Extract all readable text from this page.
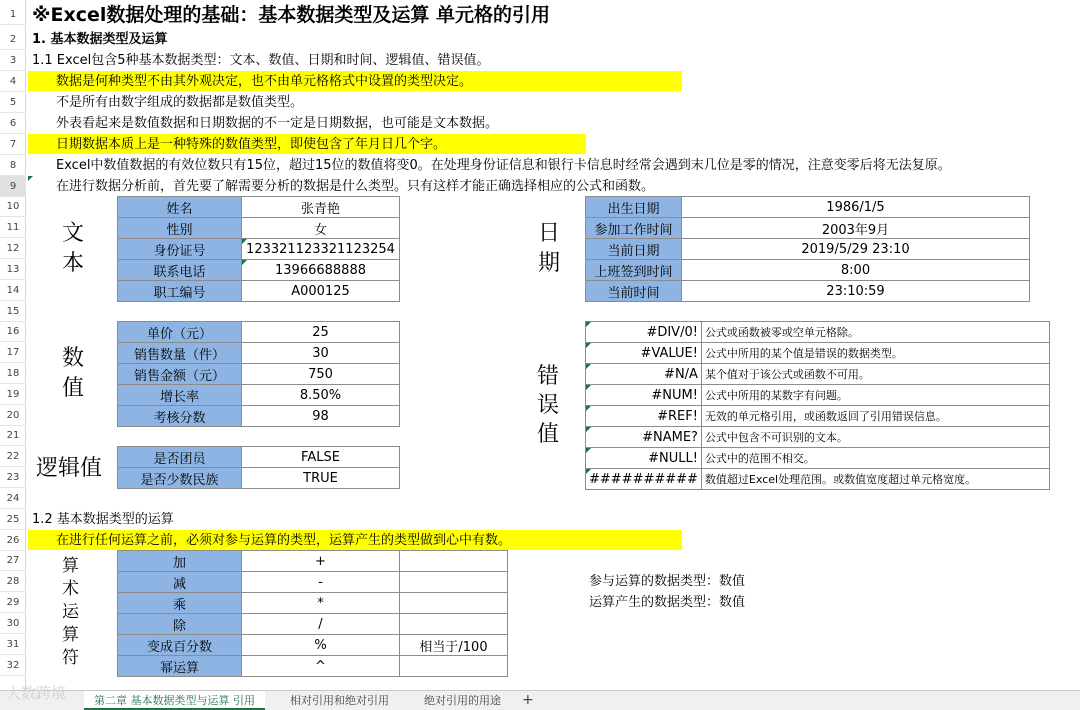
1
2
3
4
5
6
7
8
9
10
11
12
13
14
15
16
17
18
19
20
21
22
23
24
25
26
27
28
29
30
31
32
※Excel数据处理的基础：基本数据类型及运算 单元格的引用
1. 基本数据类型及运算
1.1 Excel包含5种基本数据类型：文本、数值、日期和时间、逻辑值、错误值。
数据是何种类型不由其外观决定，也不由单元格格式中设置的类型决定。
不是所有由数字组成的数据都是数值类型。
外表看起来是数值数据和日期数据的不一定是日期数据，也可能是文本数据。
日期数据本质上是一种特殊的数值类型，即使包含了年月日几个字。
Excel中数值数据的有效位数只有15位，超过15位的数值将变0。在处理身份证信息和银行卡信息时经常会遇到末几位是零的情况，注意变零后将无法复原。
在进行数据分析前，首先要了解需要分析的数据是什么类型。只有这样才能正确选择相应的公式和函数。
文
本
数
值
逻辑值
日
期
错
误
值
算
术
运
算
符
姓名	张青艳
性别	女
身份证号	123321123321123254
联系电话	13966688888
职工编号	A000125
单价（元）	25
销售数量（件）	30
销售金额（元）	750
增长率	8.50%
考核分数	98
是否团员	FALSE
是否少数民族	TRUE
出生日期	1986/1/5
参加工作时间	2003年9月
当前日期	2019/5/29 23:10
上班签到时间	8:00
当前时间	23:10:59
#DIV/0!	公式或函数被零或空单元格除。
#VALUE!	公式中所用的某个值是错误的数据类型。
#N/A	某个值对于该公式或函数不可用。
#NUM!	公式中所用的某数字有问题。
#REF!	无效的单元格引用，或函数返回了引用错误信息。
#NAME?	公式中包含不可识别的文本。
#NULL!	公式中的范围不相交。
##########	数值超过Excel处理范围。或数值宽度超过单元格宽度。
1.2 基本数据类型的运算
在进行任何运算之前，必须对参与运算的类型，运算产生的类型做到心中有数。
加	+	
减	-	
乘	*	
除	/	
变成百分数	%	相当于/100
幂运算	^	
参与运算的数据类型：数值
运算产生的数据类型：数值
第二章 基本数据类型与运算 引用	相对引用和绝对引用	绝对引用的用途	+
大数跨境
